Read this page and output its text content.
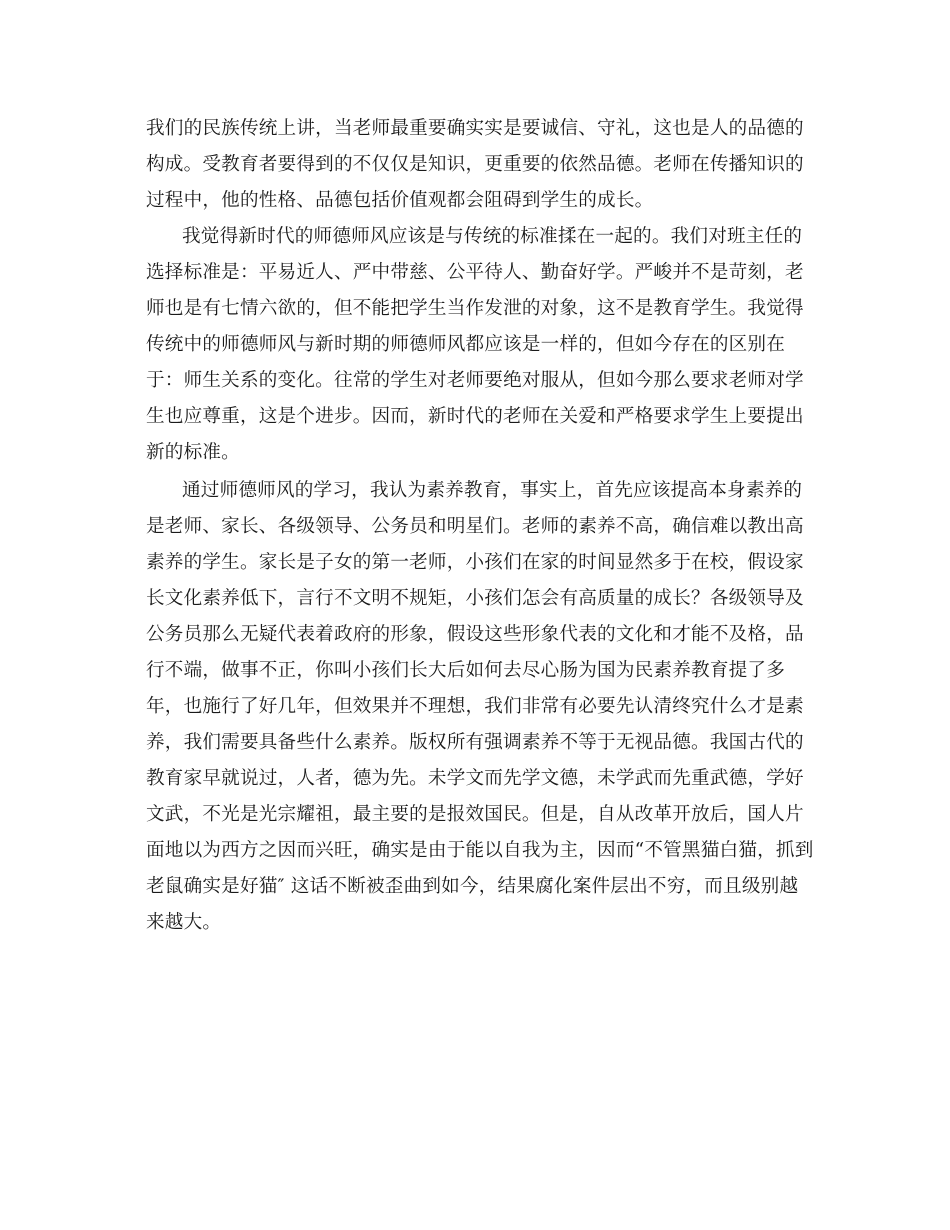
我们的民族传统上讲，当老师最重要确实实是要诚信、守礼，这也是人的品德的
构成。受教育者要得到的不仅仅是知识，更重要的依然品德。老师在传播知识的
过程中，他的性格、品德包括价值观都会阻碍到学生的成长。
我觉得新时代的师德师风应该是与传统的标准揉在一起的。我们对班主任的
选择标准是：平易近人、严中带慈、公平待人、勤奋好学。严峻并不是苛刻，老
师也是有七情六欲的，但不能把学生当作发泄的对象，这不是教育学生。我觉得
传统中的师德师风与新时期的师德师风都应该是一样的，但如今存在的区别在
于：师生关系的变化。往常的学生对老师要绝对服从，但如今那么要求老师对学
生也应尊重，这是个进步。因而，新时代的老师在关爱和严格要求学生上要提出
新的标准。
通过师德师风的学习，我认为素养教育，事实上，首先应该提高本身素养的
是老师、家长、各级领导、公务员和明星们。老师的素养不高，确信难以教出高
素养的学生。家长是子女的第一老师，小孩们在家的时间显然多于在校，假设家
长文化素养低下，言行不文明不规矩，小孩们怎会有高质量的成长？各级领导及
公务员那么无疑代表着政府的形象，假设这些形象代表的文化和才能不及格，品
行不端，做事不正，你叫小孩们长大后如何去尽心肠为国为民素养教育提了多
年，也施行了好几年，但效果并不理想，我们非常有必要先认清终究什么才是素
养，我们需要具备些什么素养。版权所有强调素养不等于无视品德。我国古代的
教育家早就说过，人者，德为先。未学文而先学文德，未学武而先重武德，学好
文武，不光是光宗耀祖，最主要的是报效国民。但是，自从改革开放后，国人片
面地以为西方之因而兴旺，确实是由于能以自我为主，因而“不管黑猫白猫，抓到
老鼠确实是好猫″ 这话不断被歪曲到如今，结果腐化案件层出不穷，而且级别越
来越大。
